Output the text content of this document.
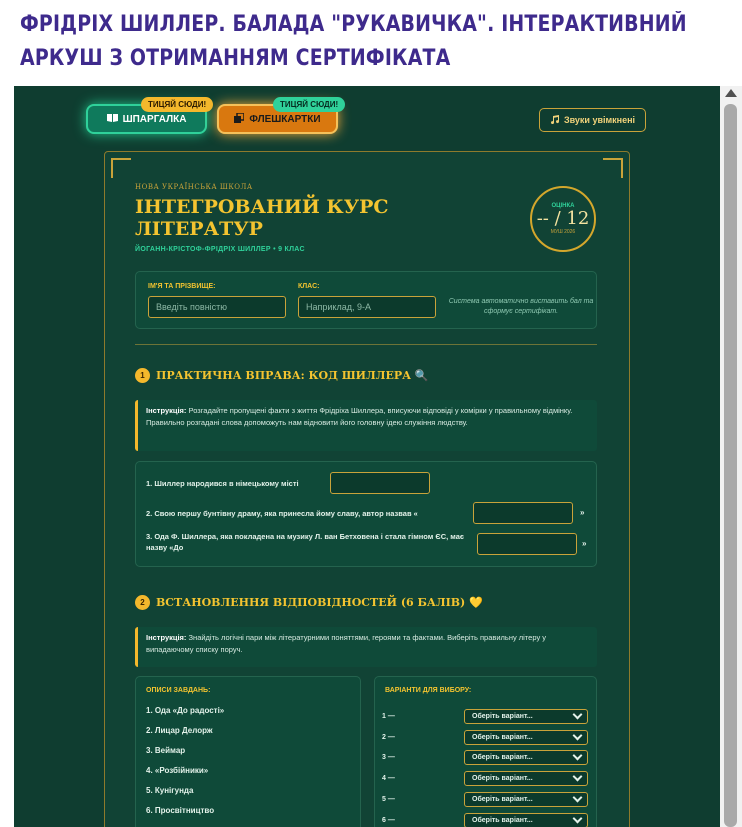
ФРІДРІХ ШИЛЛЕР. БАЛАДА "РУКАВИЧКА". ІНТЕРАКТИВНИЙ АРКУШ З ОТРИМАННЯМ СЕРТИФІКАТА
ШПАРГАЛКА
ТИЦЯЙ СЮДИ!
ФЛЕШКАРТКИ
ТИЦЯЙ СЮДИ!
Звуки увімкнені
НОВА УКРАЇНСЬКА ШКОЛА
ІНТЕГРОВАНИЙ КУРС ЛІТЕРАТУР
ЙОГАНН-КРІСТОФ-ФРІДРІХ ШИЛЛЕР • 9 КЛАС
ОЦІНКА
-- / 12
МУШ 2026
ІМ'Я ТА ПРІЗВИЩЕ:
Введіть повністю
КЛАС:
Наприклад, 9-А
Система автоматично виставить бал та сформує сертифікат.
1	ПРАКТИЧНА ВПРАВА: КОД ШИЛЛЕРА 🔍
Інструкція: Розгадайте пропущені факти з життя Фрідріха Шиллера, вписуючи відповіді у комірки у правильному відмінку. Правильно розгадані слова допоможуть нам відновити його головну ідею служіння людству.
1. Шиллер народився в німецькому місті
2. Свою першу бунтівну драму, яка принесла йому славу, автор назвав «	»
3. Ода Ф. Шиллера, яка покладена на музику Л. ван Бетховена і стала гімном ЄС, має назву «До	»
2	ВСТАНОВЛЕННЯ ВІДПОВІДНОСТЕЙ (6 БАЛІВ) 💛
Інструкція: Знайдіть логічні пари між літературними поняттями, героями та фактами. Виберіть правильну літеру у випадаючому списку поруч.
ОПИСИ ЗАВДАНЬ:
1. Ода «До радості»
2. Лицар Делорж
3. Веймар
4. «Розбійники»
5. Кунігунда
6. Просвітництво
ВАРІАНТИ ДЛЯ ВИБОРУ:
1 —	Оберіть варіант...
2 —	Оберіть варіант...
3 —	Оберіть варіант...
4 —	Оберіть варіант...
5 —	Оберіть варіант...
6 —	Оберіть варіант...
